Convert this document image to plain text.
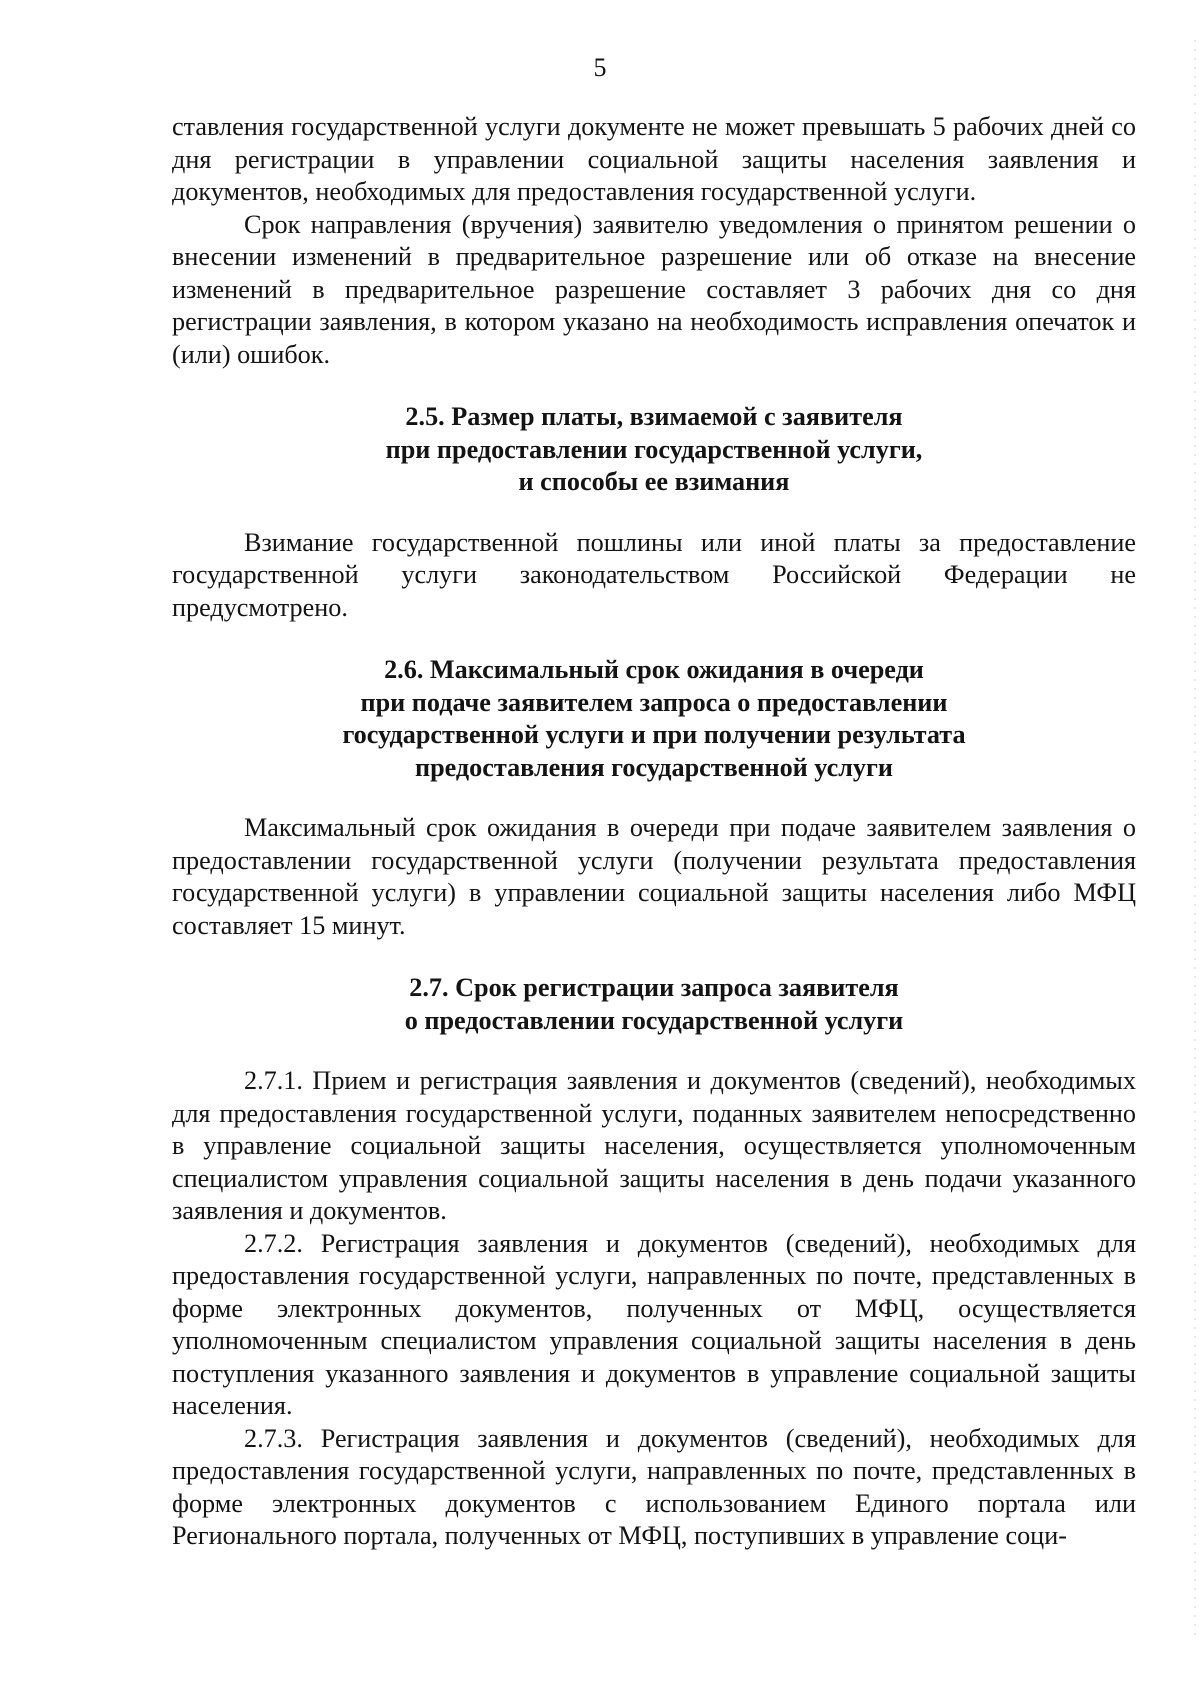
5

ставления государственной услуги документе не может превышать 5 рабочих дней со дня регистрации в управлении социальной защиты населения заявления и документов, необходимых для предоставления государственной услуги.

Срок направления (вручения) заявителю уведомления о принятом решении о внесении изменений в предварительное разрешение или об отказе на внесение изменений в предварительное разрешение составляет 3 рабочих дня со дня регистрации заявления, в котором указано на необходимость исправления опечаток и (или) ошибок.

2.5. Размер платы, взимаемой с заявителя

при предоставлении государственной услуги,

и способы ее взимания

Взимание государственной пошлины или иной платы за предоставление государственной услуги законодательством Российской Федерации не предусмотрено.

2.6. Максимальный срок ожидания в очереди

при подаче заявителем запроса о предоставлении

государственной услуги и при получении результата

предоставления государственной услуги

Максимальный срок ожидания в очереди при подаче заявителем заявления о предоставлении государственной услуги (получении результата предоставления государственной услуги) в управлении социальной защиты населения либо МФЦ составляет 15 минут.

2.7. Срок регистрации запроса заявителя

о предоставлении государственной услуги

2.7.1. Прием и регистрация заявления и документов (сведений), необходимых для предоставления государственной услуги, поданных заявителем непосредственно в управление социальной защиты населения, осуществляется уполномоченным специалистом управления социальной защиты населения в день подачи указанного заявления и документов.

2.7.2. Регистрация заявления и документов (сведений), необходимых для предоставления государственной услуги, направленных по почте, представленных в форме электронных документов, полученных от МФЦ, осуществляется уполномоченным специалистом управления социальной защиты населения в день поступления указанного заявления и документов в управление социальной защиты населения.

2.7.3. Регистрация заявления и документов (сведений), необходимых для предоставления государственной услуги, направленных по почте, представленных в форме электронных документов с использованием Единого портала или Регионального портала, полученных от МФЦ, поступивших в управление соци-
